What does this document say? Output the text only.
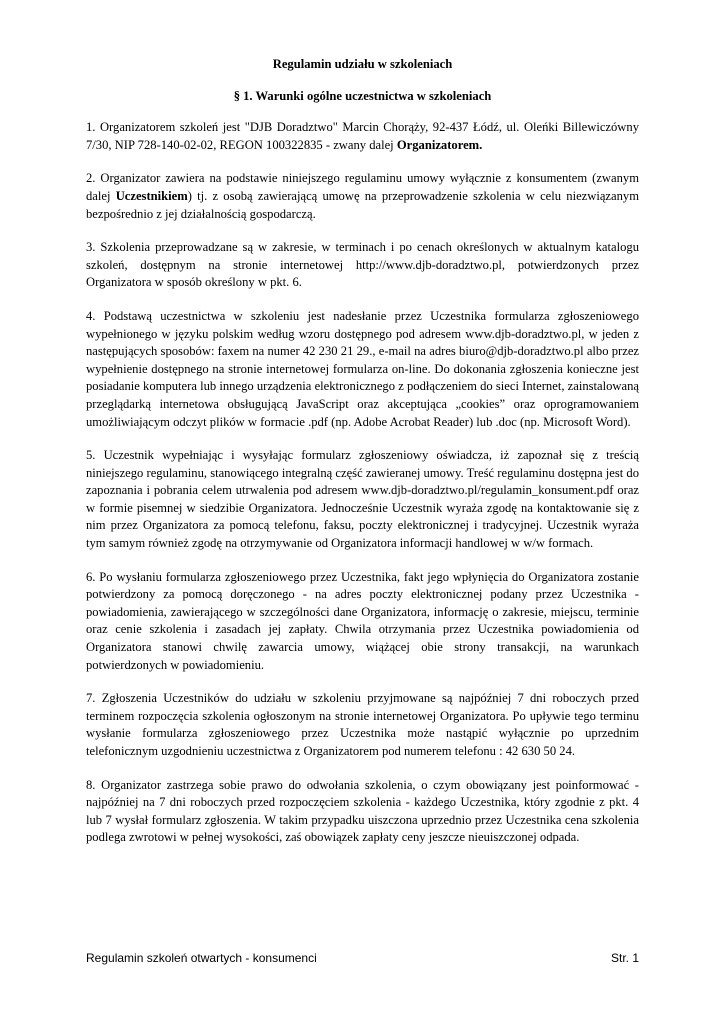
Regulamin udziału w szkoleniach
§ 1. Warunki ogólne uczestnictwa w szkoleniach

1. Organizatorem szkoleń jest "DJB Doradztwo" Marcin Chorąży, 92-437 Łódź, ul. Oleńki Billewiczówny 7/30, NIP 728-140-02-02, REGON 100322835 - zwany dalej Organizatorem.

2. Organizator zawiera na podstawie niniejszego regulaminu umowy wyłącznie z konsumentem (zwanym dalej Uczestnikiem) tj. z osobą zawierającą umowę na przeprowadzenie szkolenia w celu niezwiązanym bezpośrednio z jej działalnością gospodarczą.

3. Szkolenia przeprowadzane są w zakresie, w terminach i po cenach określonych w aktualnym katalogu szkoleń, dostępnym na stronie internetowej http://www.djb-doradztwo.pl, potwierdzonych przez Organizatora w sposób określony w pkt. 6.

4. Podstawą uczestnictwa w szkoleniu jest nadesłanie przez Uczestnika formularza zgłoszeniowego wypełnionego w języku polskim według wzoru dostępnego pod adresem www.djb-doradztwo.pl, w jeden z następujących sposobów: faxem na numer 42 230 21 29., e-mail na adres biuro@djb-doradztwo.pl albo przez wypełnienie dostępnego na stronie internetowej formularza on-line. Do dokonania zgłoszenia konieczne jest posiadanie komputera lub innego urządzenia elektronicznego z podłączeniem do sieci Internet, zainstalowaną przeglądarką internetowa obsługującą JavaScript oraz akceptująca „cookies” oraz oprogramowaniem umożliwiającym odczyt plików w formacie .pdf (np. Adobe Acrobat Reader) lub .doc (np. Microsoft Word).

5. Uczestnik wypełniając i wysyłając formularz zgłoszeniowy oświadcza, iż zapoznał się z treścią niniejszego regulaminu, stanowiącego integralną część zawieranej umowy. Treść regulaminu dostępna jest do zapoznania i pobrania celem utrwalenia pod adresem www.djb-doradztwo.pl/regulamin_konsument.pdf oraz w formie pisemnej w siedzibie Organizatora. Jednocześnie Uczestnik wyraża zgodę na kontaktowanie się z nim przez Organizatora za pomocą telefonu, faksu, poczty elektronicznej i tradycyjnej. Uczestnik wyraża tym samym również zgodę na otrzymywanie od Organizatora informacji handlowej w w/w formach.

6. Po wysłaniu formularza zgłoszeniowego przez Uczestnika, fakt jego wpłynięcia do Organizatora zostanie potwierdzony za pomocą doręczonego - na adres poczty elektronicznej podany przez Uczestnika - powiadomienia, zawierającego w szczególności dane Organizatora, informację o zakresie, miejscu, terminie oraz cenie szkolenia i zasadach jej zapłaty. Chwila otrzymania przez Uczestnika powiadomienia od Organizatora stanowi chwilę zawarcia umowy, wiążącej obie strony transakcji, na warunkach potwierdzonych w powiadomieniu.

7. Zgłoszenia Uczestników do udziału w szkoleniu przyjmowane są najpóźniej 7 dni roboczych przed terminem rozpoczęcia szkolenia ogłoszonym na stronie internetowej Organizatora. Po upływie tego terminu wysłanie formularza zgłoszeniowego przez Uczestnika może nastąpić wyłącznie po uprzednim telefonicznym uzgodnieniu uczestnictwa z Organizatorem pod numerem telefonu : 42 630 50 24.

8. Organizator zastrzega sobie prawo do odwołania szkolenia, o czym obowiązany jest poinformować - najpóźniej na 7 dni roboczych przed rozpoczęciem szkolenia - każdego Uczestnika, który zgodnie z pkt. 4 lub 7 wysłał formularz zgłoszenia. W takim przypadku uiszczona uprzednio przez Uczestnika cena szkolenia podlega zwrotowi w pełnej wysokości, zaś obowiązek zapłaty ceny jeszcze nieuiszczonej odpada.

Regulamin szkoleń otwartych - konsumenci	Str. 1
